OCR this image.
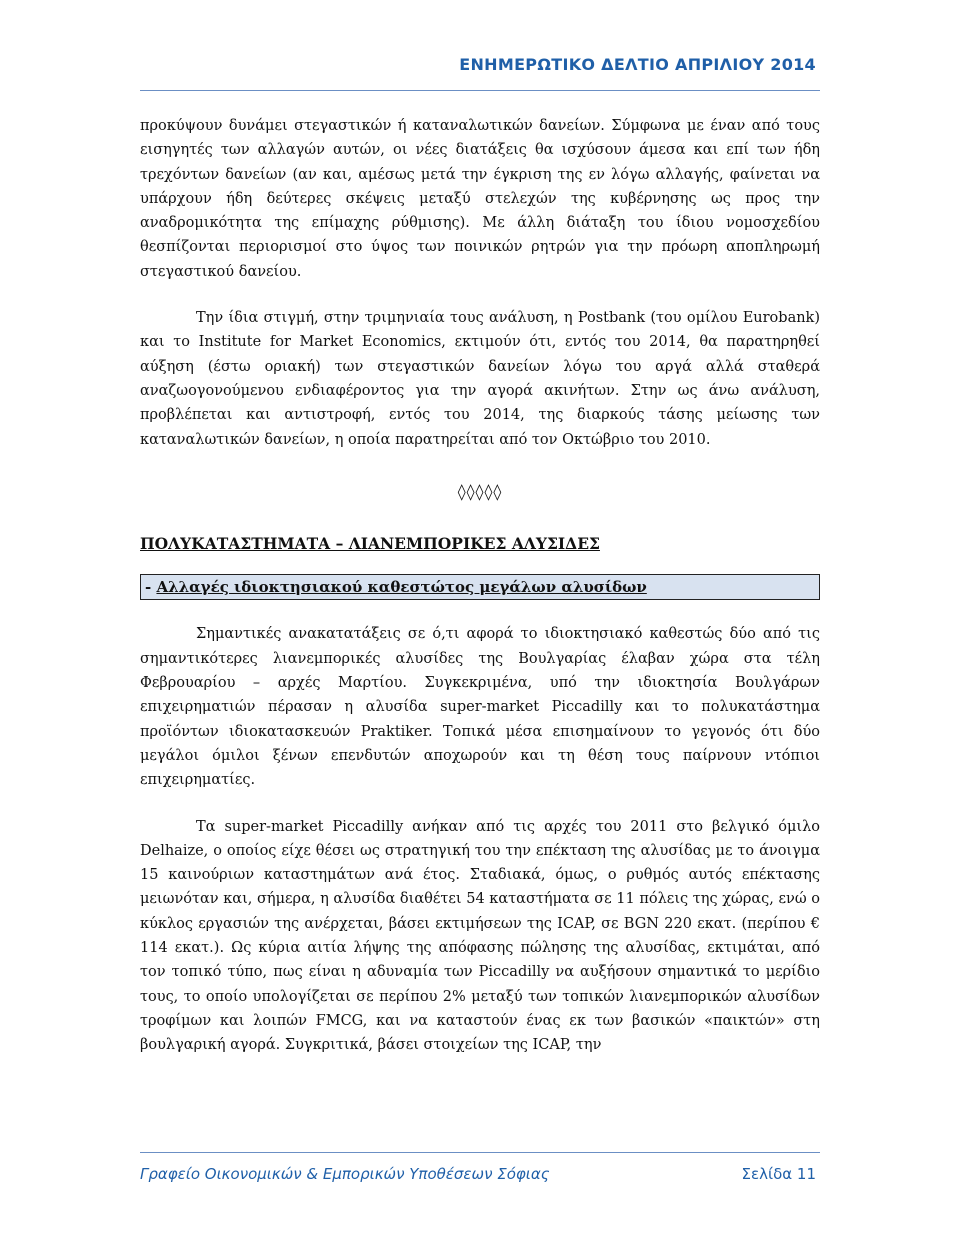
ΕΝΗΜΕΡΩΤΙΚΟ ΔΕΛΤΙΟ ΑΠΡΙΛΙΟΥ 2014

προκύψουν δυνάμει στεγαστικών ή καταναλωτικών δανείων. Σύμφωνα με έναν από τους εισηγητές των αλλαγών αυτών, οι νέες διατάξεις θα ισχύσουν άμεσα και επί των ήδη τρεχόντων δανείων (αν και, αμέσως μετά την έγκριση της εν λόγω αλλαγής, φαίνεται να υπάρχουν ήδη δεύτερες σκέψεις μεταξύ στελεχών της κυβέρνησης ως προς την αναδρομικότητα της επίμαχης ρύθμισης). Με άλλη διάταξη του ίδιου νομοσχεδίου θεσπίζονται περιορισμοί στο ύψος των ποινικών ρητρών για την πρόωρη αποπληρωμή στεγαστικού δανείου.

Την ίδια στιγμή, στην τριμηνιαία τους ανάλυση, η Postbank (του ομίλου Eurobank) και το Institute for Market Economics, εκτιμούν ότι, εντός του 2014, θα παρατηρηθεί αύξηση (έστω οριακή) των στεγαστικών δανείων λόγω του αργά αλλά σταθερά αναζωογονούμενου ενδιαφέροντος για την αγορά ακινήτων. Στην ως άνω ανάλυση, προβλέπεται και αντιστροφή, εντός του 2014, της διαρκούς τάσης μείωσης των καταναλωτικών δανείων, η οποία παρατηρείται από τον Οκτώβριο του 2010.

◊◊◊◊◊
ΠΟΛΥΚΑΤΑΣΤΗΜΑΤΑ – ΛΙΑΝΕΜΠΟΡΙΚΕΣ ΑΛΥΣΙΔΕΣ
- Αλλαγές ιδιοκτησιακού καθεστώτος μεγάλων αλυσίδων

Σημαντικές ανακατατάξεις σε ό,τι αφορά το ιδιοκτησιακό καθεστώς δύο από τις σημαντικότερες λιανεμπορικές αλυσίδες της Βουλγαρίας έλαβαν χώρα στα τέλη Φεβρουαρίου – αρχές Μαρτίου. Συγκεκριμένα, υπό την ιδιοκτησία Βουλγάρων επιχειρηματιών πέρασαν η αλυσίδα super-market Piccadilly και το πολυκατάστημα προϊόντων ιδιοκατασκευών Praktiker. Τοπικά μέσα επισημαίνουν το γεγονός ότι δύο μεγάλοι όμιλοι ξένων επενδυτών αποχωρούν και τη θέση τους παίρνουν ντόπιοι επιχειρηματίες.

Τα super-market Piccadilly ανήκαν από τις αρχές του 2011 στο βελγικό όμιλο Delhaize, ο οποίος είχε θέσει ως στρατηγική του την επέκταση της αλυσίδας με το άνοιγμα 15 καινούριων καταστημάτων ανά έτος. Σταδιακά, όμως, ο ρυθμός αυτός επέκτασης μειωνόταν και, σήμερα, η αλυσίδα διαθέτει 54 καταστήματα σε 11 πόλεις της χώρας, ενώ ο κύκλος εργασιών της ανέρχεται, βάσει εκτιμήσεων της ICAP, σε BGN 220 εκατ. (περίπου € 114 εκατ.). Ως κύρια αιτία λήψης της απόφασης πώλησης της αλυσίδας, εκτιμάται, από τον τοπικό τύπο, πως είναι η αδυναμία των Piccadilly να αυξήσουν σημαντικά το μερίδιο τους, το οποίο υπολογίζεται σε περίπου 2% μεταξύ των τοπικών λιανεμπορικών αλυσίδων τροφίμων και λοιπών FMCG, και να καταστούν ένας εκ των βασικών «παικτών» στη βουλγαρική αγορά. Συγκριτικά, βάσει στοιχείων της ICAP, την

Γραφείο Οικονομικών & Εμπορικών Υποθέσεων Σόφιας	Σελίδα 11
